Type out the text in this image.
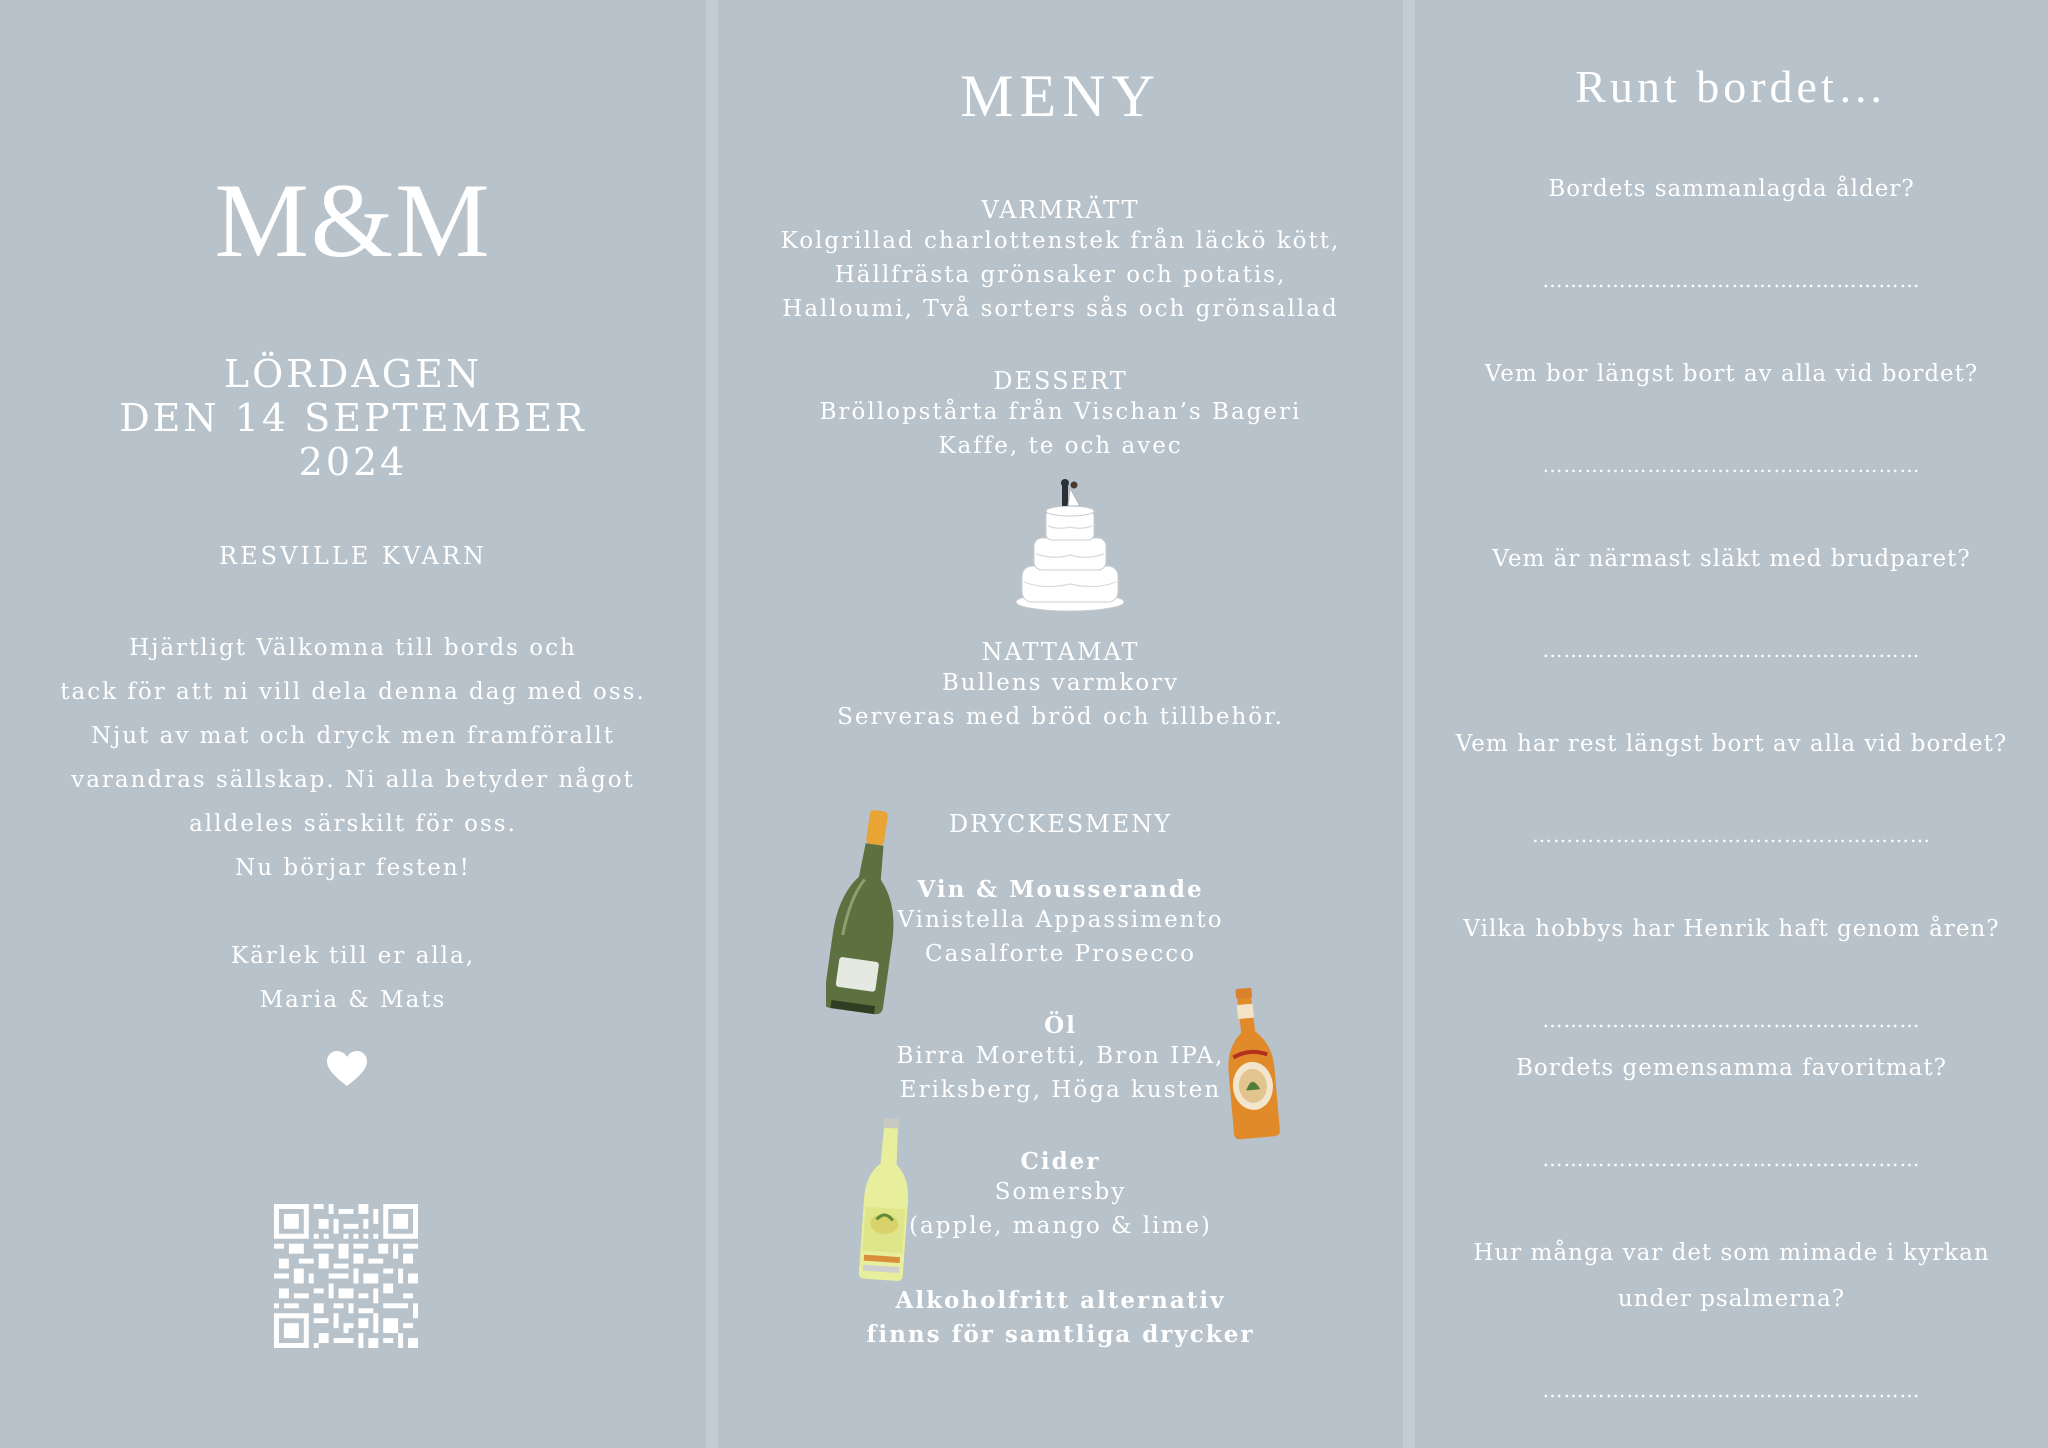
M&M
LÖRDAGEN
DEN 14 SEPTEMBER
2024
RESVILLE KVARN
Hjärtligt Välkomna till bords och
tack för att ni vill dela denna dag med oss.
Njut av mat och dryck men framförallt
varandras sällskap. Ni alla betyder något
alldeles särskilt för oss.
Nu börjar festen!
Kärlek till er alla,
Maria & Mats
MENY
VARMRÄTT
Kolgrillad charlottenstek från läckö kött,
Hällfrästa grönsaker och potatis,
Halloumi, Två sorters sås och grönsallad
DESSERT
Bröllopstårta från Vischan’s Bageri
Kaffe, te och avec
NATTAMAT
Bullens varmkorv
Serveras med bröd och tillbehör.
DRYCKESMENY
Vin & Mousserande
Vinistella Appassimento
Casalforte Prosecco
Öl
Birra Moretti, Bron IPA,
Eriksberg, Höga kusten
Cider
Somersby
(apple, mango & lime)
Alkoholfritt alternativ
finns för samtliga drycker
Runt bordet…
Bordets sammanlagda ålder?
………………………………………………
Vem bor längst bort av alla vid bordet?
………………………………………………
Vem är närmast släkt med brudparet?
………………………………………………
Vem har rest längst bort av alla vid bordet?
…………………………………………………
Vilka hobbys har Henrik haft genom åren?
………………………………………………
Bordets gemensamma favoritmat?
………………………………………………
Hur många var det som mimade i kyrkan
under psalmerna?
………………………………………………
